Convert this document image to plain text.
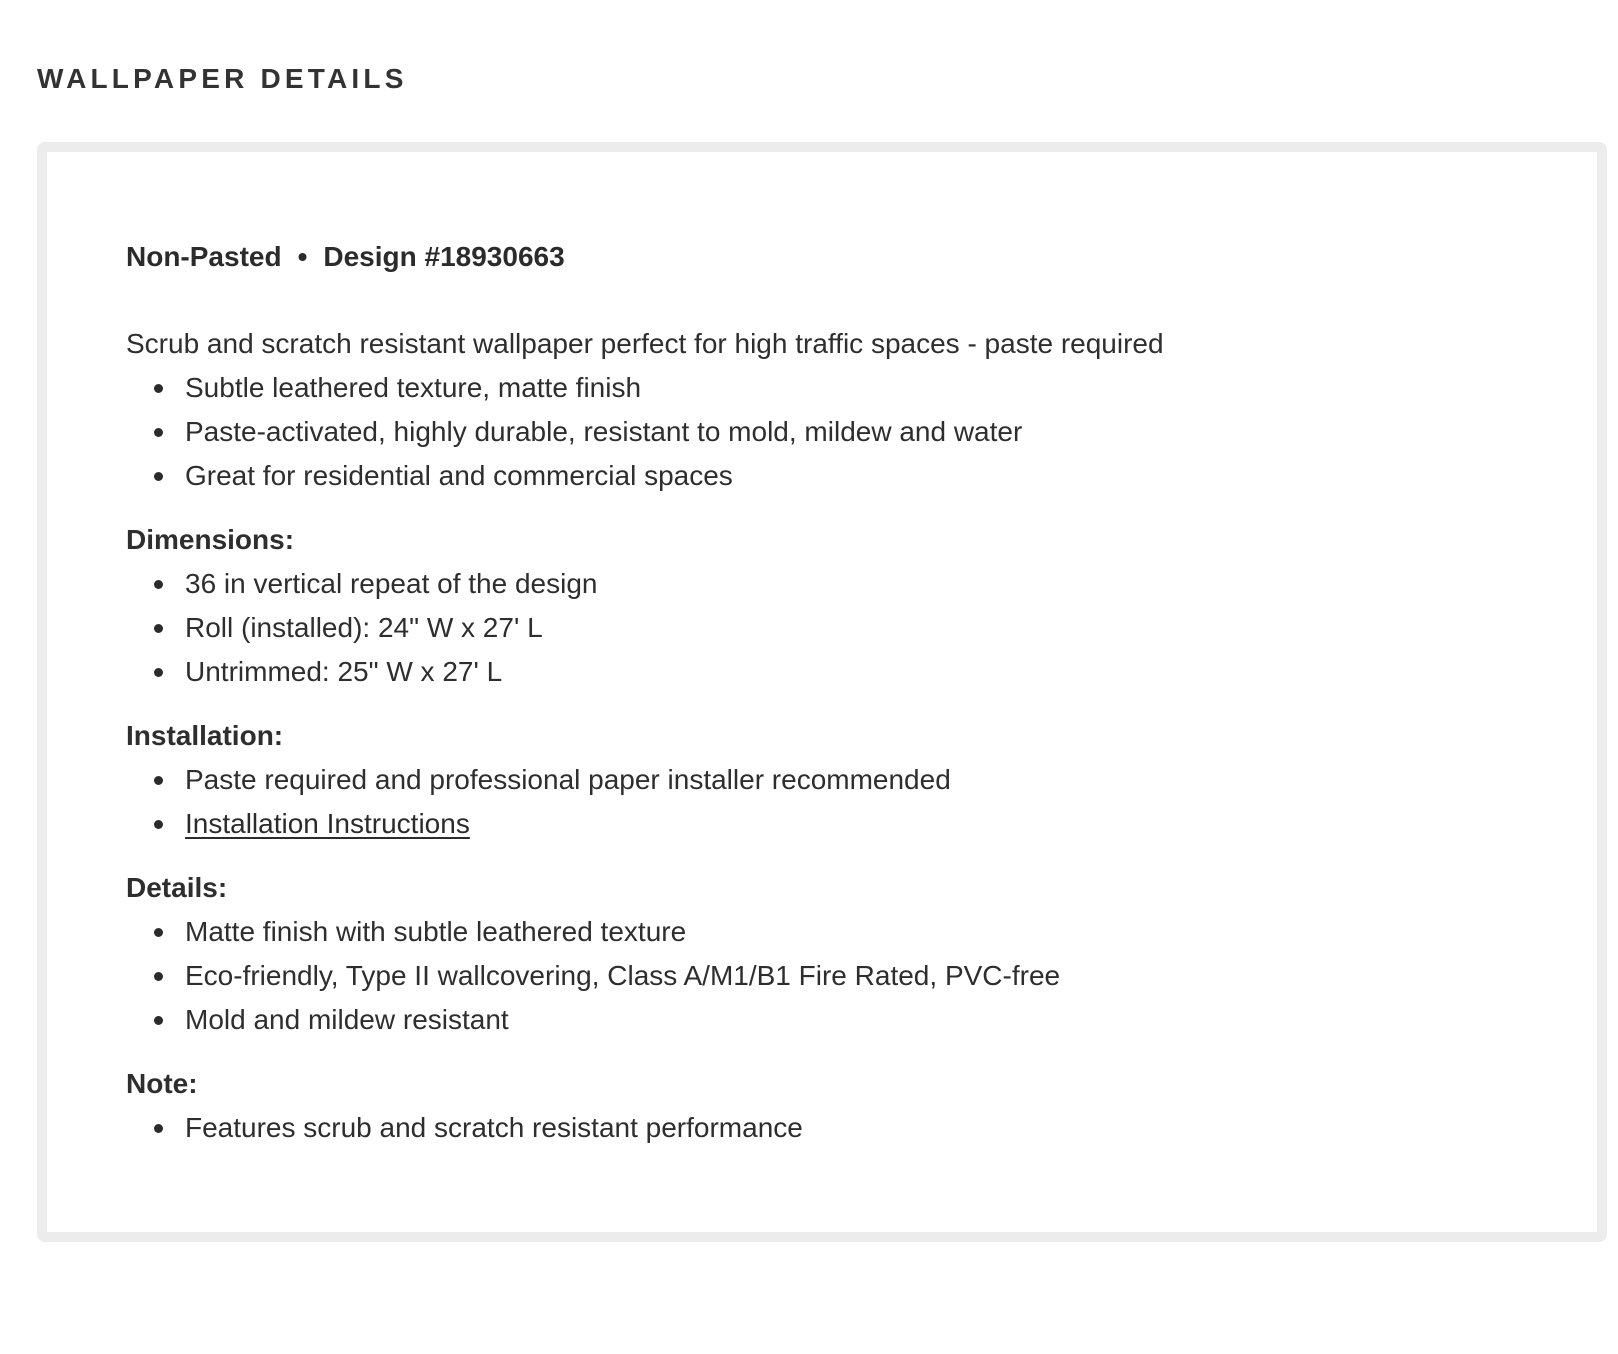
WALLPAPER DETAILS
Non-Pasted • Design #18930663

Scrub and scratch resistant wallpaper perfect for high traffic spaces - paste required

Subtle leathered texture, matte finish
Paste-activated, highly durable, resistant to mold, mildew and water
Great for residential and commercial spaces
Dimensions:
36 in vertical repeat of the design
Roll (installed): 24" W x 27' L
Untrimmed: 25" W x 27' L
Installation:
Paste required and professional paper installer recommended
Installation Instructions
Details:
Matte finish with subtle leathered texture
Eco-friendly, Type II wallcovering, Class A/M1/B1 Fire Rated, PVC-free
Mold and mildew resistant
Note:
Features scrub and scratch resistant performance
